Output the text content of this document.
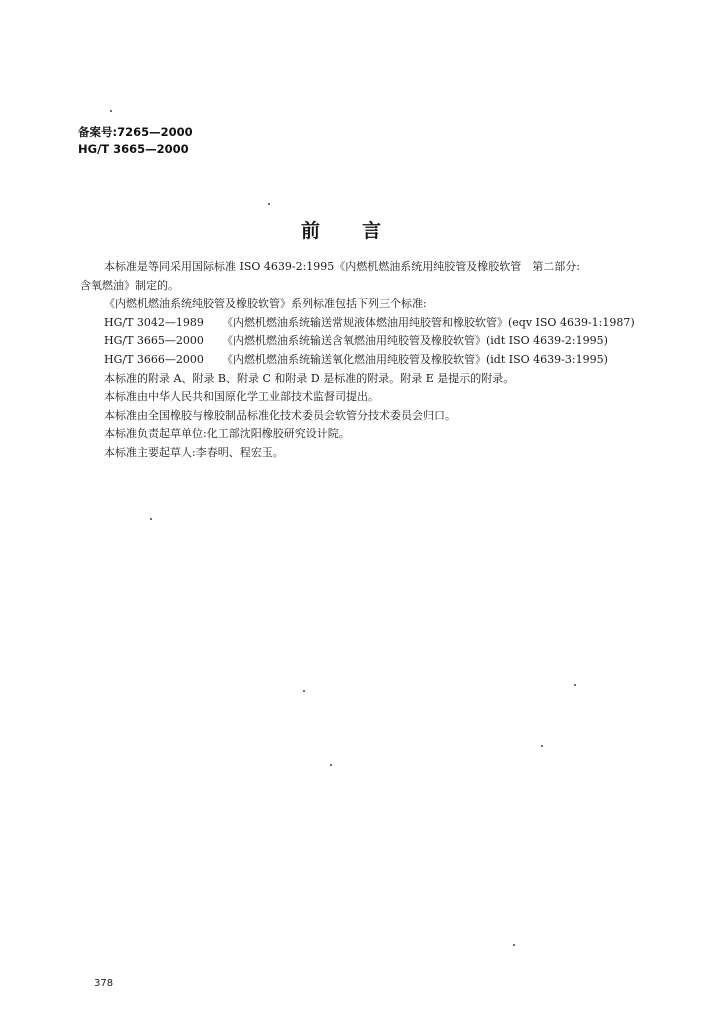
备案号:7265—2000
HG/T 3665—2000
前言

本标准是等同采用国际标准 ISO 4639-2:1995《内燃机燃油系统用纯胶管及橡胶软管　第二部分:

含氧燃油》制定的。

《内燃机燃油系统纯胶管及橡胶软管》系列标准包括下列三个标准:

HG/T 3042—1989	《内燃机燃油系统输送常规液体燃油用纯胶管和橡胶软管》(eqv ISO 4639-1:1987)
HG/T 3665—2000	《内燃机燃油系统输送含氧燃油用纯胶管及橡胶软管》(idt ISO 4639-2:1995)
HG/T 3666—2000	《内燃机燃油系统输送氧化燃油用纯胶管及橡胶软管》(idt ISO 4639-3:1995)

本标准的附录 A、附录 B、附录 C 和附录 D 是标准的附录。附录 E 是提示的附录。

本标准由中华人民共和国原化学工业部技术监督司提出。

本标准由全国橡胶与橡胶制品标准化技术委员会软管分技术委员会归口。

本标准负责起草单位:化工部沈阳橡胶研究设计院。

本标准主要起草人:李春明、程宏玉。

378
